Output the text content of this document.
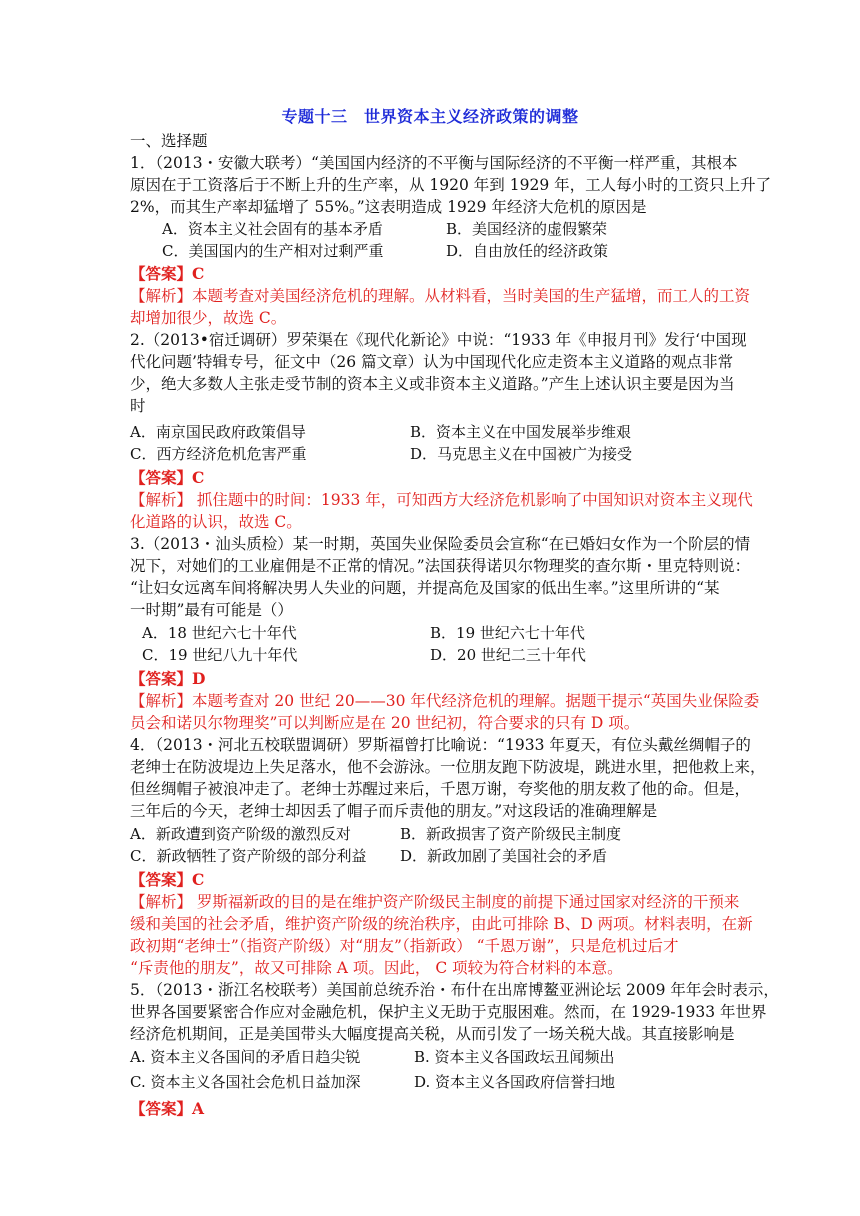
专题十三　世界资本主义经济政策的调整
一、选择题
1．（2013・安徽大联考）“美国国内经济的不平衡与国际经济的不平衡一样严重，其根本
原因在于工资落后于不断上升的生产率，从 1920 年到 1929 年，工人每小时的工资只上升了
2%，而其生产率却猛增了 55%。”这表明造成 1929 年经济大危机的原因是
A．资本主义社会固有的基本矛盾	B．美国经济的虚假繁荣
C．美国国内的生产相对过剩严重	D．自由放任的经济政策
【答案】C
【解析】本题考查对美国经济危机的理解。从材料看，当时美国的生产猛增，而工人的工资
却增加很少，故选 C。
2.（2013•宿迁调研）罗荣渠在《现代化新论》中说：“1933 年《申报月刊》发行‘中国现
代化问题’特辑专号，征文中（26 篇文章）认为中国现代化应走资本主义道路的观点非常
少，绝大多数人主张走受节制的资本主义或非资本主义道路。”产生上述认识主要是因为当
时
A．南京国民政府政策倡导	B．资本主义在中国发展举步维艰
C．西方经济危机危害严重	D．马克思主义在中国被广为接受
【答案】C
【解析】 抓住题中的时间：1933 年，可知西方大经济危机影响了中国知识对资本主义现代
化道路的认识，故选 C。
3.（2013・汕头质检）某一时期，英国失业保险委员会宣称“在已婚妇女作为一个阶层的情
况下，对她们的工业雇佣是不正常的情况。”法国获得诺贝尔物理奖的查尔斯・里克特则说：
“让妇女远离车间将解决男人失业的问题，并提高危及国家的低出生率。”这里所讲的“某
一时期”最有可能是（）
A．18 世纪六七十年代	B．19 世纪六七十年代
C．19 世纪八九十年代	D．20 世纪二三十年代
【答案】D
【解析】本题考查对 20 世纪 20——30 年代经济危机的理解。据题干提示“英国失业保险委
员会和诺贝尔物理奖”可以判断应是在 20 世纪初，符合要求的只有 D 项。
4．（2013・河北五校联盟调研）罗斯福曾打比喻说：“1933 年夏天，有位头戴丝绸帽子的
老绅士在防波堤边上失足落水，他不会游泳。一位朋友跑下防波堤，跳进水里，把他救上来，
但丝绸帽子被浪冲走了。老绅士苏醒过来后，千恩万谢，夸奖他的朋友救了他的命。但是，
三年后的今天，老绅士却因丢了帽子而斥责他的朋友。”对这段话的准确理解是
A．新政遭到资产阶级的激烈反对	B．新政损害了资产阶级民主制度
C．新政牺牲了资产阶级的部分利益 D．新政加剧了美国社会的矛盾
【答案】C
【解析】 罗斯福新政的目的是在维护资产阶级民主制度的前提下通过国家对经济的干预来
缓和美国的社会矛盾，维护资产阶级的统治秩序，由此可排除 B、D 两项。材料表明，在新
政初期“老绅士”（指资产阶级）对“朋友”（指新政） “千恩万谢”，只是危机过后才
“斥责他的朋友”，故又可排除 A 项。因此， C 项较为符合材料的本意。
5．（2013・浙江名校联考）美国前总统乔治・布什在出席博鳌亚洲论坛 2009 年年会时表示，
世界各国要紧密合作应对金融危机，保护主义无助于克服困难。然而，在 1929-1933 年世界
经济危机期间，正是美国带头大幅度提高关税，从而引发了一场关税大战。其直接影响是
A. 资本主义各国间的矛盾日趋尖锐	B. 资本主义各国政坛丑闻频出
C. 资本主义各国社会危机日益加深	D. 资本主义各国政府信誉扫地
【答案】A
